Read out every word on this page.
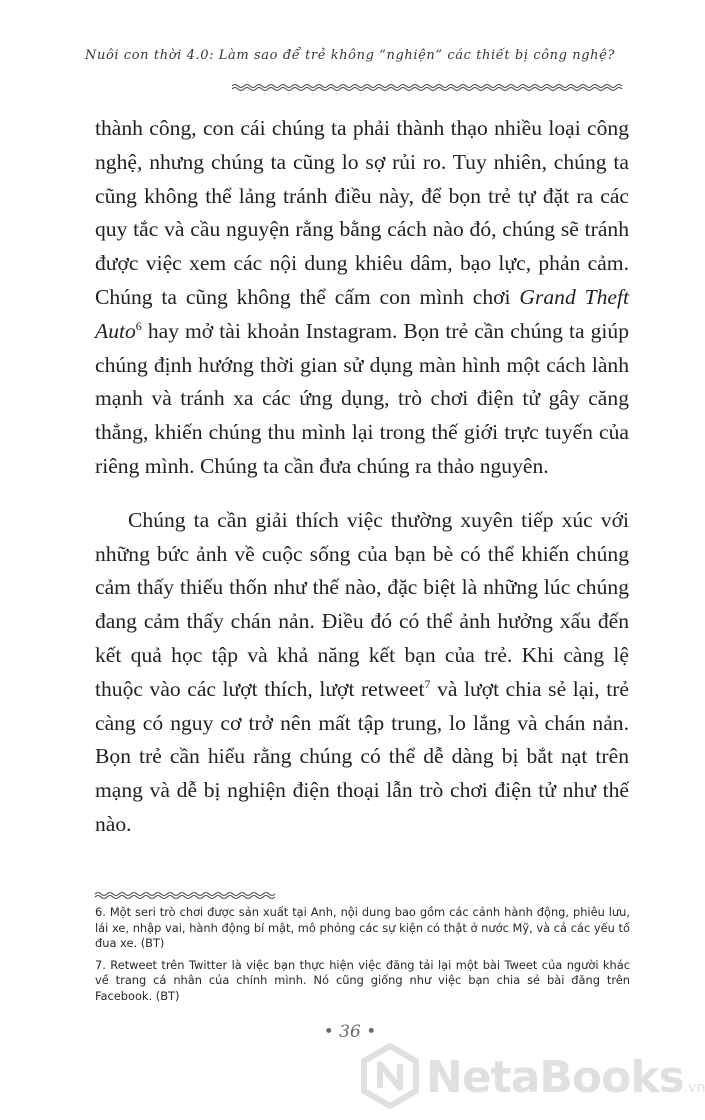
Nuôi con thời 4.0: Làm sao để trẻ không “nghiện” các thiết bị công nghệ?

thành công, con cái chúng ta phải thành thạo nhiều loại công nghệ, nhưng chúng ta cũng lo sợ rủi ro. Tuy nhiên, chúng ta cũng không thể lảng tránh điều này, để bọn trẻ tự đặt ra các quy tắc và cầu nguyện rằng bằng cách nào đó, chúng sẽ tránh được việc xem các nội dung khiêu dâm, bạo lực, phản cảm. Chúng ta cũng không thể cấm con mình chơi Grand Theft Auto$^6$ hay mở tài khoản Instagram. Bọn trẻ cần chúng ta giúp chúng định hướng thời gian sử dụng màn hình một cách lành mạnh và tránh xa các ứng dụng, trò chơi điện tử gây căng thẳng, khiến chúng thu mình lại trong thế giới trực tuyến của riêng mình. Chúng ta cần đưa chúng ra thảo nguyên.

Chúng ta cần giải thích việc thường xuyên tiếp xúc với những bức ảnh về cuộc sống của bạn bè có thể khiến chúng cảm thấy thiếu thốn như thế nào, đặc biệt là những lúc chúng đang cảm thấy chán nản. Điều đó có thể ảnh hưởng xấu đến kết quả học tập và khả năng kết bạn của trẻ. Khi càng lệ thuộc vào các lượt thích, lượt retweet$^7$ và lượt chia sẻ lại, trẻ càng có nguy cơ trở nên mất tập trung, lo lắng và chán nản. Bọn trẻ cần hiểu rằng chúng có thể dễ dàng bị bắt nạt trên mạng và dễ bị nghiện điện thoại lẫn trò chơi điện tử như thế nào.

6. Một seri trò chơi được sản xuất tại Anh, nội dung bao gồm các cảnh hành động, phiêu lưu, lái xe, nhập vai, hành động bí mật, mô phỏng các sự kiện có thật ở nước Mỹ, và cả các yếu tố đua xe. (BT)

7. Retweet trên Twitter là việc bạn thực hiện việc đăng tải lại một bài Tweet của người khác về trang cá nhân của chính mình. Nó cũng giống như việc bạn chia sẻ bài đăng trên Facebook. (BT)

• 36 •
NetaBooks.vn
